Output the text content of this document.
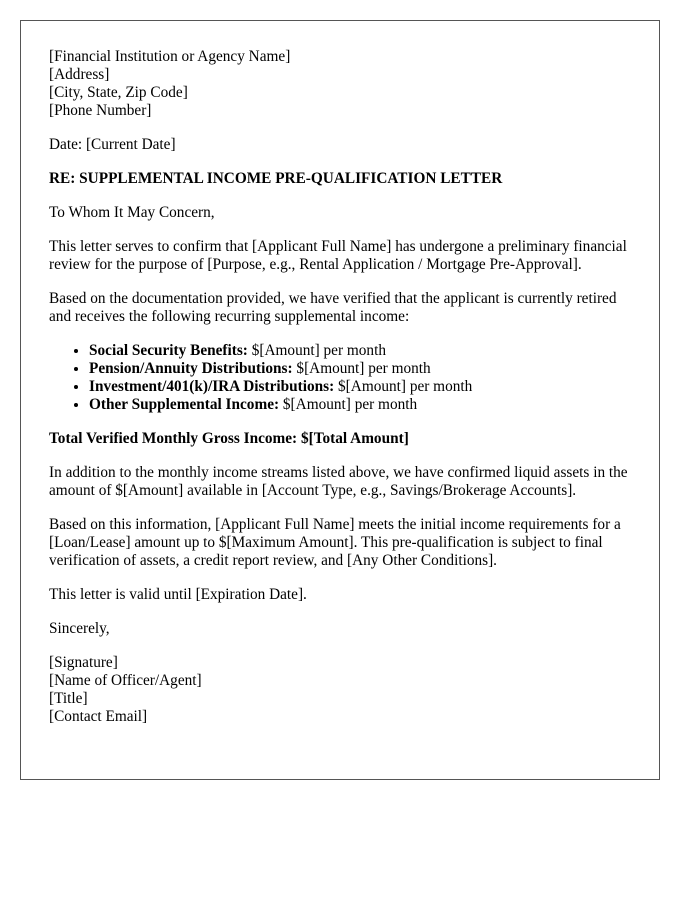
[Financial Institution or Agency Name]
[Address]
[City, State, Zip Code]
[Phone Number]

Date: [Current Date]

RE: SUPPLEMENTAL INCOME PRE-QUALIFICATION LETTER

To Whom It May Concern,

This letter serves to confirm that [Applicant Full Name] has undergone a preliminary financial review for the purpose of [Purpose, e.g., Rental Application / Mortgage Pre-Approval].

Based on the documentation provided, we have verified that the applicant is currently retired and receives the following recurring supplemental income:

• Social Security Benefits: $[Amount] per month
• Pension/Annuity Distributions: $[Amount] per month
• Investment/401(k)/IRA Distributions: $[Amount] per month
• Other Supplemental Income: $[Amount] per month

Total Verified Monthly Gross Income: $[Total Amount]

In addition to the monthly income streams listed above, we have confirmed liquid assets in the amount of $[Amount] available in [Account Type, e.g., Savings/Brokerage Accounts].

Based on this information, [Applicant Full Name] meets the initial income requirements for a [Loan/Lease] amount up to $[Maximum Amount]. This pre-qualification is subject to final verification of assets, a credit report review, and [Any Other Conditions].

This letter is valid until [Expiration Date].

Sincerely,

[Signature]
[Name of Officer/Agent]
[Title]
[Contact Email]
